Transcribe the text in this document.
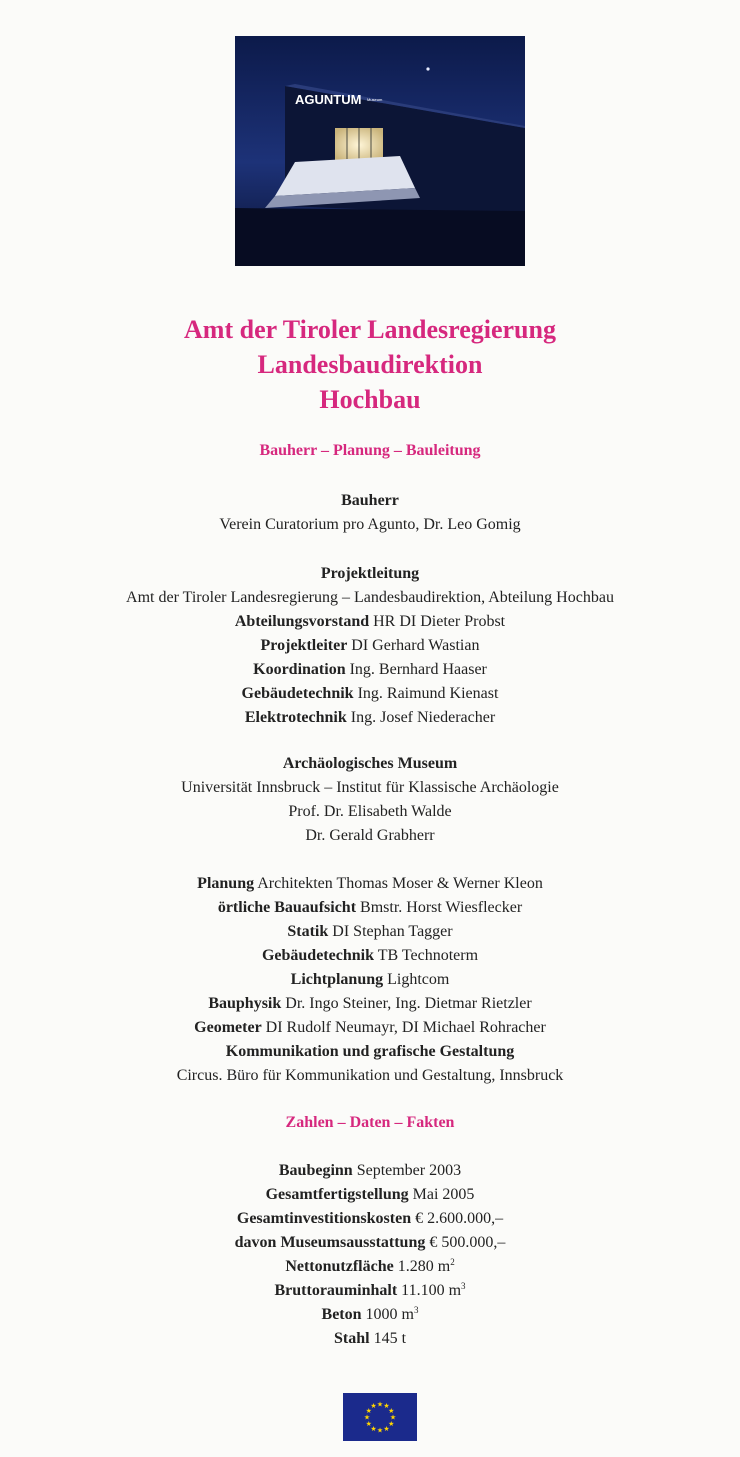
AGUNTUM Museum
Amt der Tiroler Landesregierung
Landesbaudirektion
Hochbau
Bauherr – Planung – Bauleitung
Bauherr
Verein Curatorium pro Agunto, Dr. Leo Gomig
Projektleitung
Amt der Tiroler Landesregierung – Landesbaudirektion, Abteilung Hochbau
Abteilungsvorstand HR DI Dieter Probst
Projektleiter DI Gerhard Wastian
Koordination Ing. Bernhard Haaser
Gebäudetechnik Ing. Raimund Kienast
Elektrotechnik Ing. Josef Niederacher
Archäologisches Museum
Universität Innsbruck – Institut für Klassische Archäologie
Prof. Dr. Elisabeth Walde
Dr. Gerald Grabherr
Planung Architekten Thomas Moser & Werner Kleon
örtliche Bauaufsicht Bmstr. Horst Wiesflecker
Statik DI Stephan Tagger
Gebäudetechnik TB Technoterm
Lichtplanung Lightcom
Bauphysik Dr. Ingo Steiner, Ing. Dietmar Rietzler
Geometer DI Rudolf Neumayr, DI Michael Rohracher
Kommunikation und grafische Gestaltung
Circus. Büro für Kommunikation und Gestaltung, Innsbruck
Zahlen – Daten – Fakten
Baubeginn September 2003
Gesamtfertigstellung Mai 2005
Gesamtinvestitionskosten € 2.600.000,–
davon Museumsausstattung € 500.000,–
Nettonutzfläche 1.280 $m^2$
Bruttorauminhalt 11.100 $m^3$
Beton 1000 $m^3$
Stahl 145 t
★ ★
★
★
★
★
★
★
★
★
★
★
